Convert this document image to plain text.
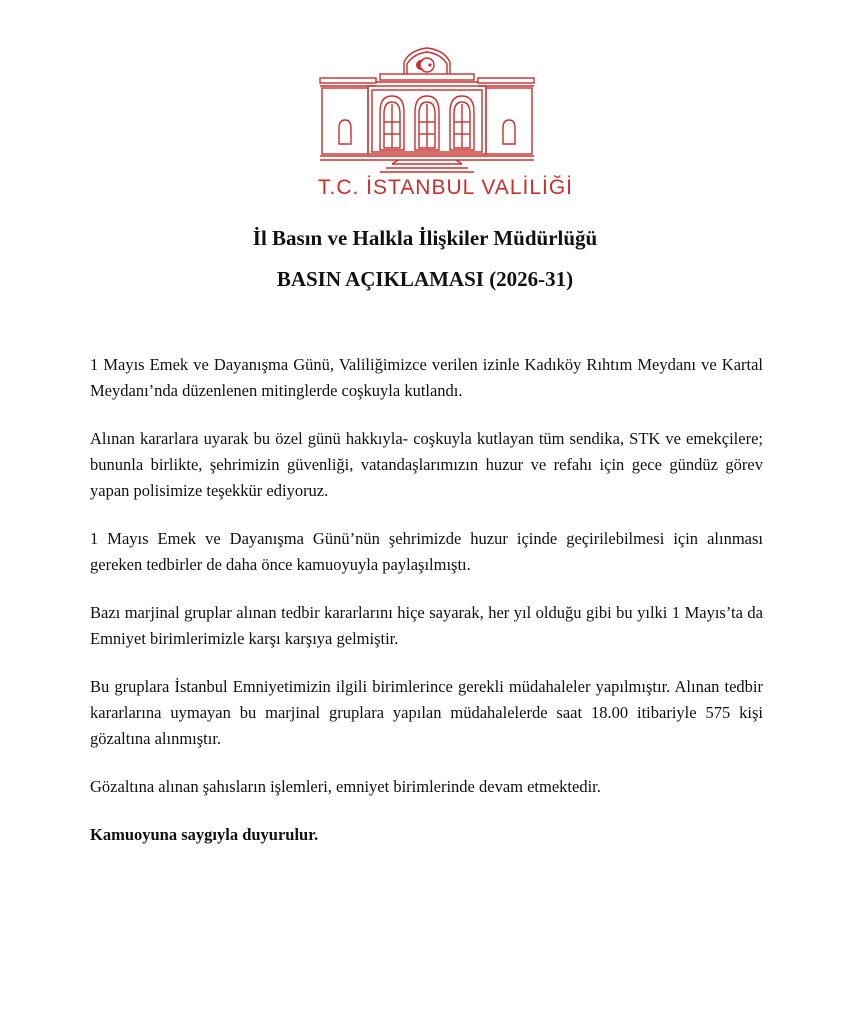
T.C. İSTANBUL VALİLİĞİ
İl Basın ve Halkla İlişkiler Müdürlüğü
BASIN AÇIKLAMASI (2026-31)

1 Mayıs Emek ve Dayanışma Günü, Valiliğimizce verilen izinle Kadıköy Rıhtım Meydanı ve Kartal Meydanı’nda düzenlenen mitinglerde coşkuyla kutlandı.

Alınan kararlara uyarak bu özel günü hakkıyla- coşkuyla kutlayan tüm sendika, STK ve emekçilere; bununla birlikte, şehrimizin güvenliği, vatandaşlarımızın huzur ve refahı için gece gündüz görev yapan polisimize teşekkür ediyoruz.

1 Mayıs Emek ve Dayanışma Günü’nün şehrimizde huzur içinde geçirilebilmesi için alınması gereken tedbirler de daha önce kamuoyuyla paylaşılmıştı.

Bazı marjinal gruplar alınan tedbir kararlarını hiçe sayarak, her yıl olduğu gibi bu yılki 1 Mayıs’ta da Emniyet birimlerimizle karşı karşıya gelmiştir.

Bu gruplara İstanbul Emniyetimizin ilgili birimlerince gerekli müdahaleler yapılmıştır. Alınan tedbir kararlarına uymayan bu marjinal gruplara yapılan müdahalelerde saat 18.00 itibariyle 575 kişi gözaltına alınmıştır.

Gözaltına alınan şahısların işlemleri, emniyet birimlerinde devam etmektedir.

Kamuoyuna saygıyla duyurulur.
